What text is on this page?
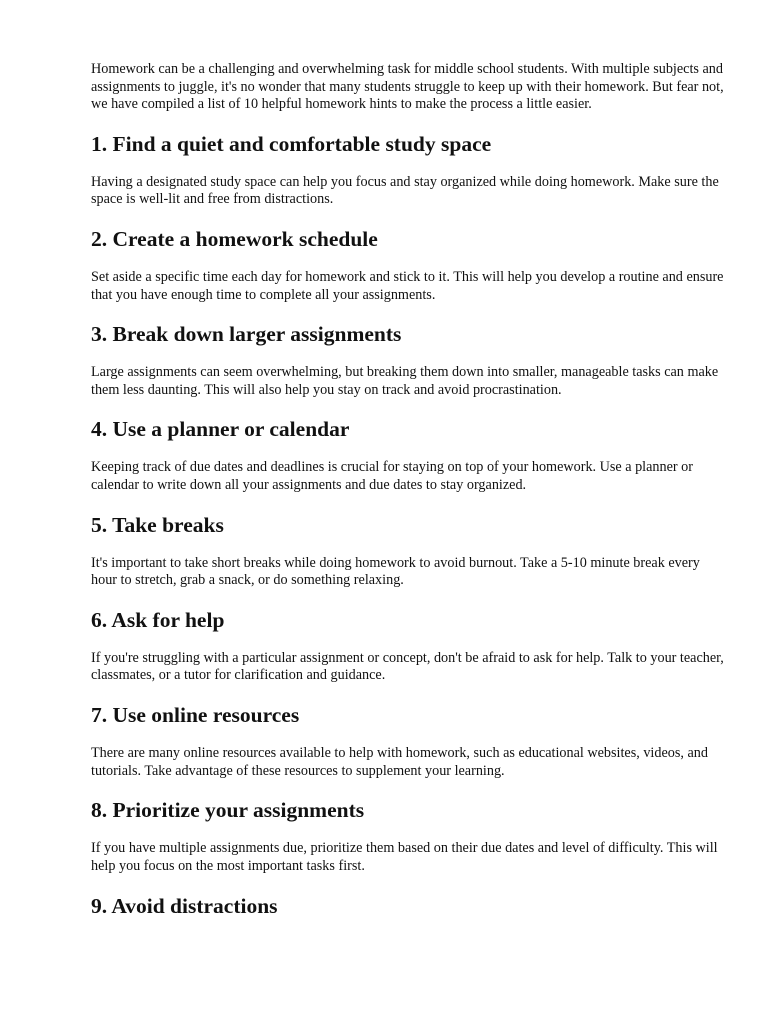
Homework can be a challenging and overwhelming task for middle school students. With multiple subjects and assignments to juggle, it's no wonder that many students struggle to keep up with their homework. But fear not, we have compiled a list of 10 helpful homework hints to make the process a little easier.

1. Find a quiet and comfortable study space

Having a designated study space can help you focus and stay organized while doing homework. Make sure the space is well-lit and free from distractions.

2. Create a homework schedule

Set aside a specific time each day for homework and stick to it. This will help you develop a routine and ensure that you have enough time to complete all your assignments.

3. Break down larger assignments

Large assignments can seem overwhelming, but breaking them down into smaller, manageable tasks can make them less daunting. This will also help you stay on track and avoid procrastination.

4. Use a planner or calendar

Keeping track of due dates and deadlines is crucial for staying on top of your homework. Use a planner or calendar to write down all your assignments and due dates to stay organized.

5. Take breaks

It's important to take short breaks while doing homework to avoid burnout. Take a 5-10 minute break every hour to stretch, grab a snack, or do something relaxing.

6. Ask for help

If you're struggling with a particular assignment or concept, don't be afraid to ask for help. Talk to your teacher, classmates, or a tutor for clarification and guidance.

7. Use online resources

There are many online resources available to help with homework, such as educational websites, videos, and tutorials. Take advantage of these resources to supplement your learning.

8. Prioritize your assignments

If you have multiple assignments due, prioritize them based on their due dates and level of difficulty. This will help you focus on the most important tasks first.

9. Avoid distractions
